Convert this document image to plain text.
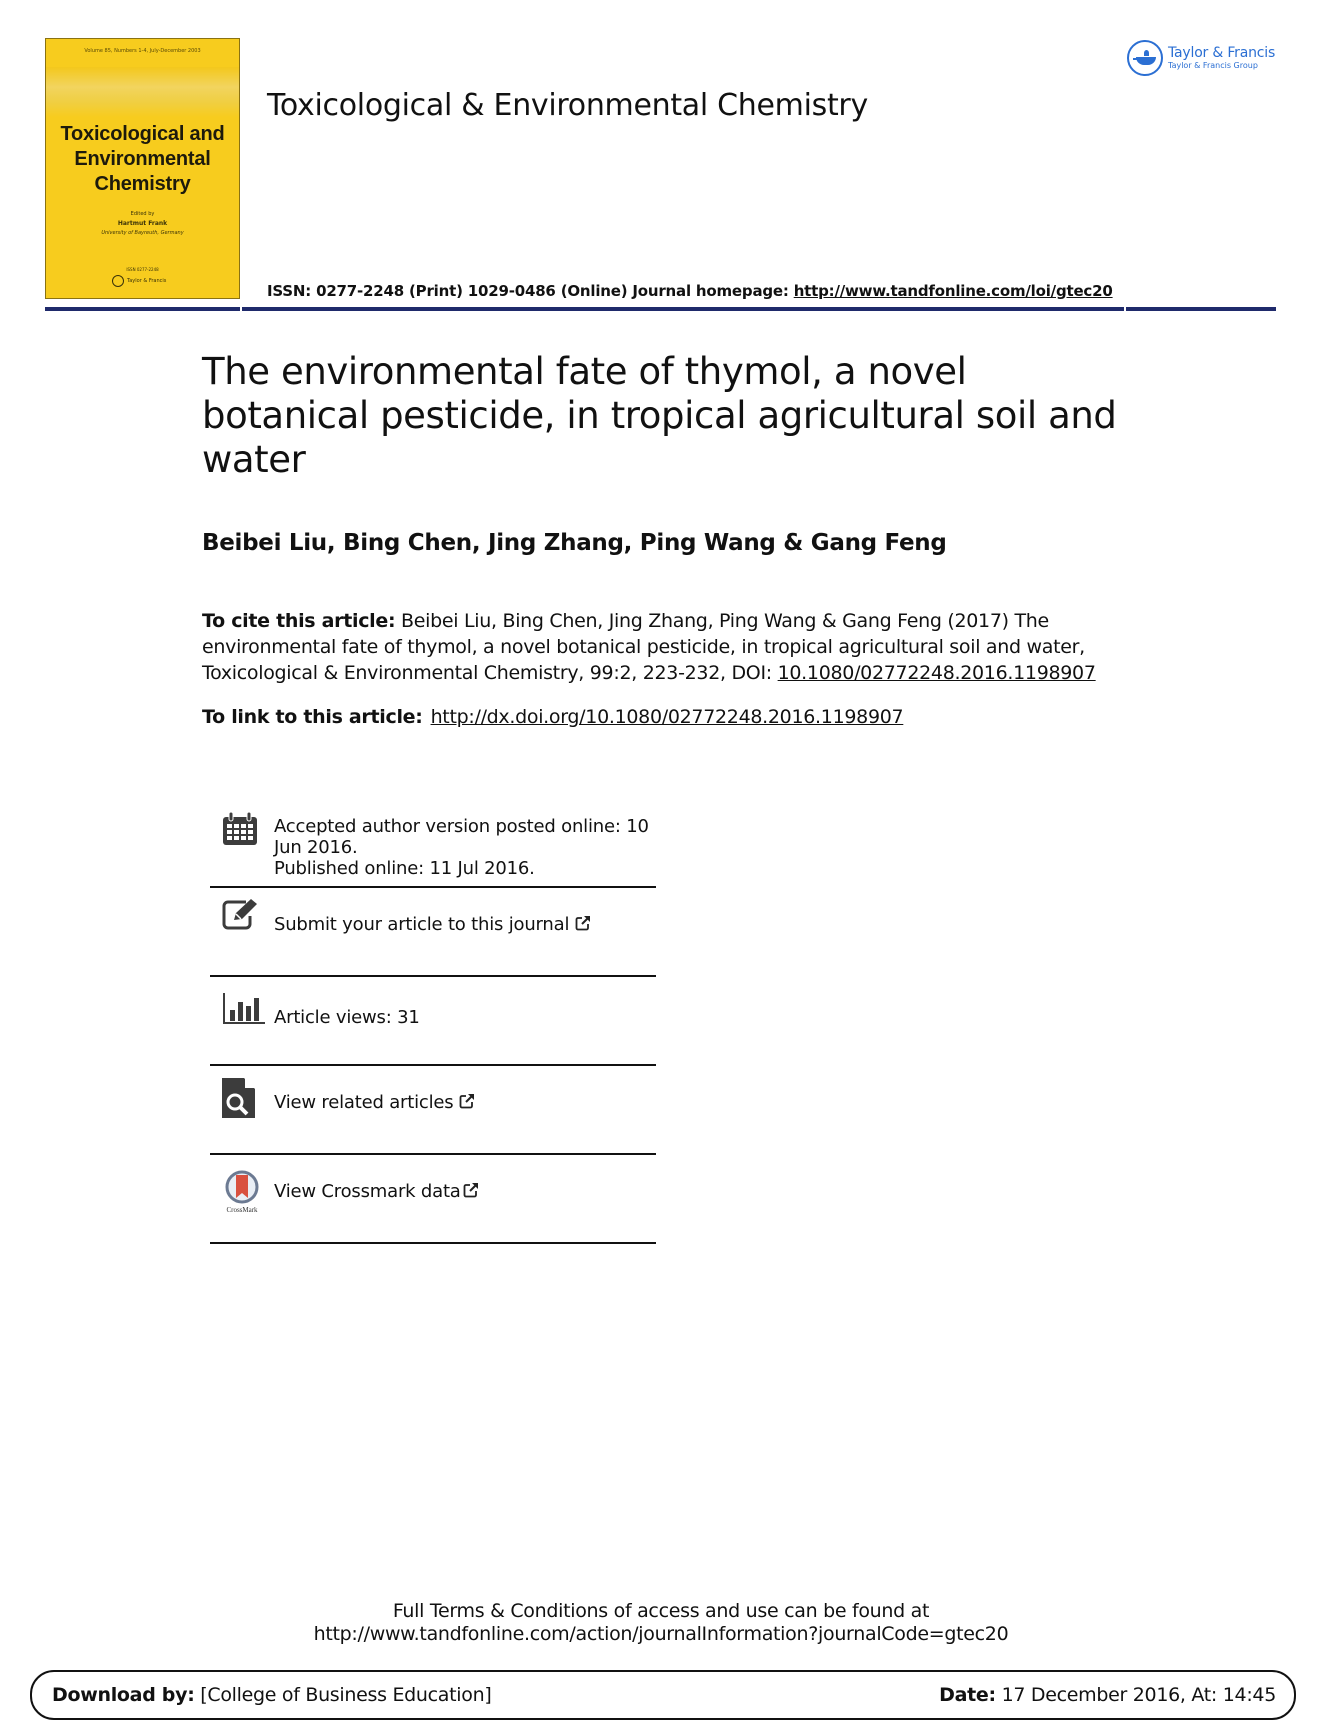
Volume 85, Numbers 1-4, July-December 2003
Toxicological and
Environmental
Chemistry
Edited by
Hartmut Frank
University of Bayreuth, Germany
ISSN 0277-2248
Taylor & Francis
Toxicological & Environmental Chemistry
Taylor & Francis
Taylor & Francis Group
ISSN: 0277-2248 (Print) 1029-0486 (Online) Journal homepage: http://www.tandfonline.com/loi/gtec20
The environmental fate of thymol, a novel botanical pesticide, in tropical agricultural soil and water
Beibei Liu, Bing Chen, Jing Zhang, Ping Wang & Gang Feng
To cite this article: Beibei Liu, Bing Chen, Jing Zhang, Ping Wang & Gang Feng (2017) The environmental fate of thymol, a novel botanical pesticide, in tropical agricultural soil and water, Toxicological & Environmental Chemistry, 99:2, 223-232, DOI: 10.1080/02772248.2016.1198907
To link to this article: http://dx.doi.org/10.1080/02772248.2016.1198907
Accepted author version posted online: 10 Jun 2016.
Published online: 11 Jul 2016.
Submit your article to this journal
Article views: 31
View related articles
CrossMark
View Crossmark data
Full Terms & Conditions of access and use can be found at
http://www.tandfonline.com/action/journalInformation?journalCode=gtec20
Download by: [College of Business Education]	Date: 17 December 2016, At: 14:45
